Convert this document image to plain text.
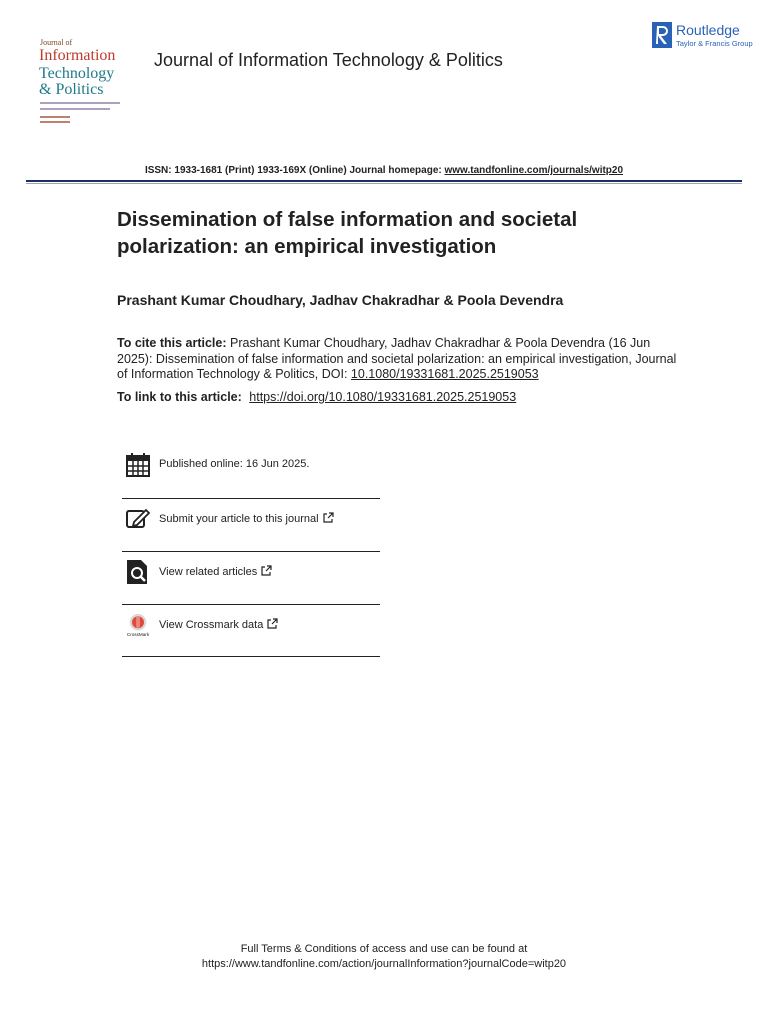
Journal of
Information
Technology
& Politics
Journal of Information Technology & Politics
Routledge
Taylor & Francis Group
ISSN: 1933-1681 (Print) 1933-169X (Online) Journal homepage: www.tandfonline.com/journals/witp20
Dissemination of false information and societal polarization: an empirical investigation
Prashant Kumar Choudhary, Jadhav Chakradhar & Poola Devendra
To cite this article: Prashant Kumar Choudhary, Jadhav Chakradhar & Poola Devendra (16 Jun 2025): Dissemination of false information and societal polarization: an empirical investigation, Journal of Information Technology & Politics, DOI: 10.1080/19331681.2025.2519053
To link to this article: https://doi.org/10.1080/19331681.2025.2519053
Published online: 16 Jun 2025.
Submit your article to this journal
View related articles
CrossMark
View Crossmark data
Full Terms & Conditions of access and use can be found at
https://www.tandfonline.com/action/journalInformation?journalCode=witp20
